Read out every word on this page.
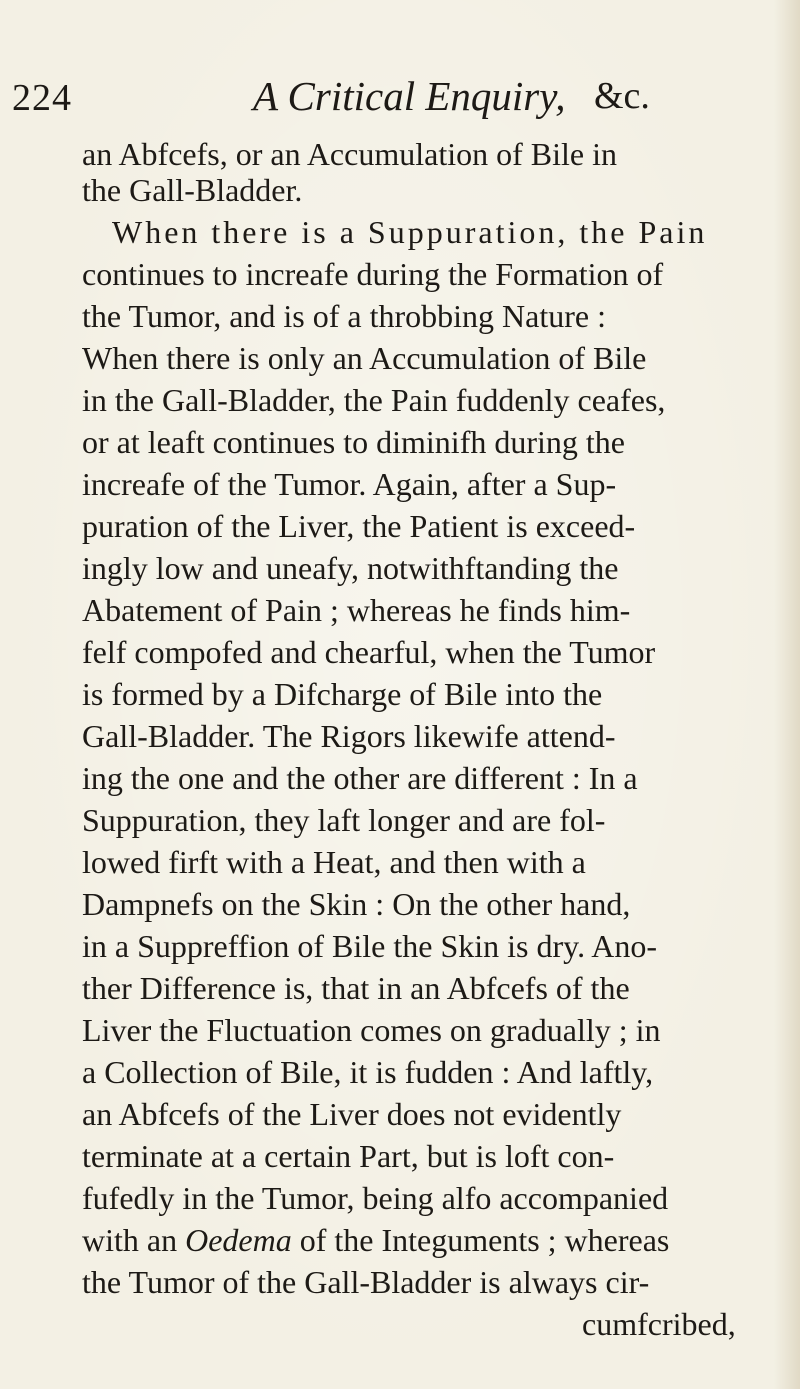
224	A Critical Enquiry, &c.
an Abfcefs, or an Accumulation of Bile in
the Gall-Bladder.
When there is a Suppuration, the Pain
continues to increafe during the Formation of
the Tumor, and is of a throbbing Nature :
When there is only an Accumulation of Bile
in the Gall-Bladder, the Pain fuddenly ceafes,
or at leaft continues to diminifh during the
increafe of the Tumor. Again, after a Sup-
puration of the Liver, the Patient is exceed-
ingly low and uneafy, notwithftanding the
Abatement of Pain ; whereas he finds him-
felf compofed and chearful, when the Tumor
is formed by a Difcharge of Bile into the
Gall-Bladder. The Rigors likewife attend-
ing the one and the other are different : In a
Suppuration, they laft longer and are fol-
lowed firft with a Heat, and then with a
Dampnefs on the Skin : On the other hand,
in a Suppreffion of Bile the Skin is dry. Ano-
ther Difference is, that in an Abfcefs of the
Liver the Fluctuation comes on gradually ; in
a Collection of Bile, it is fudden : And laftly,
an Abfcefs of the Liver does not evidently
terminate at a certain Part, but is loft con-
fufedly in the Tumor, being alfo accompanied
with an Oedema of the Integuments ; whereas
the Tumor of the Gall-Bladder is always cir-
cumfcribed,
